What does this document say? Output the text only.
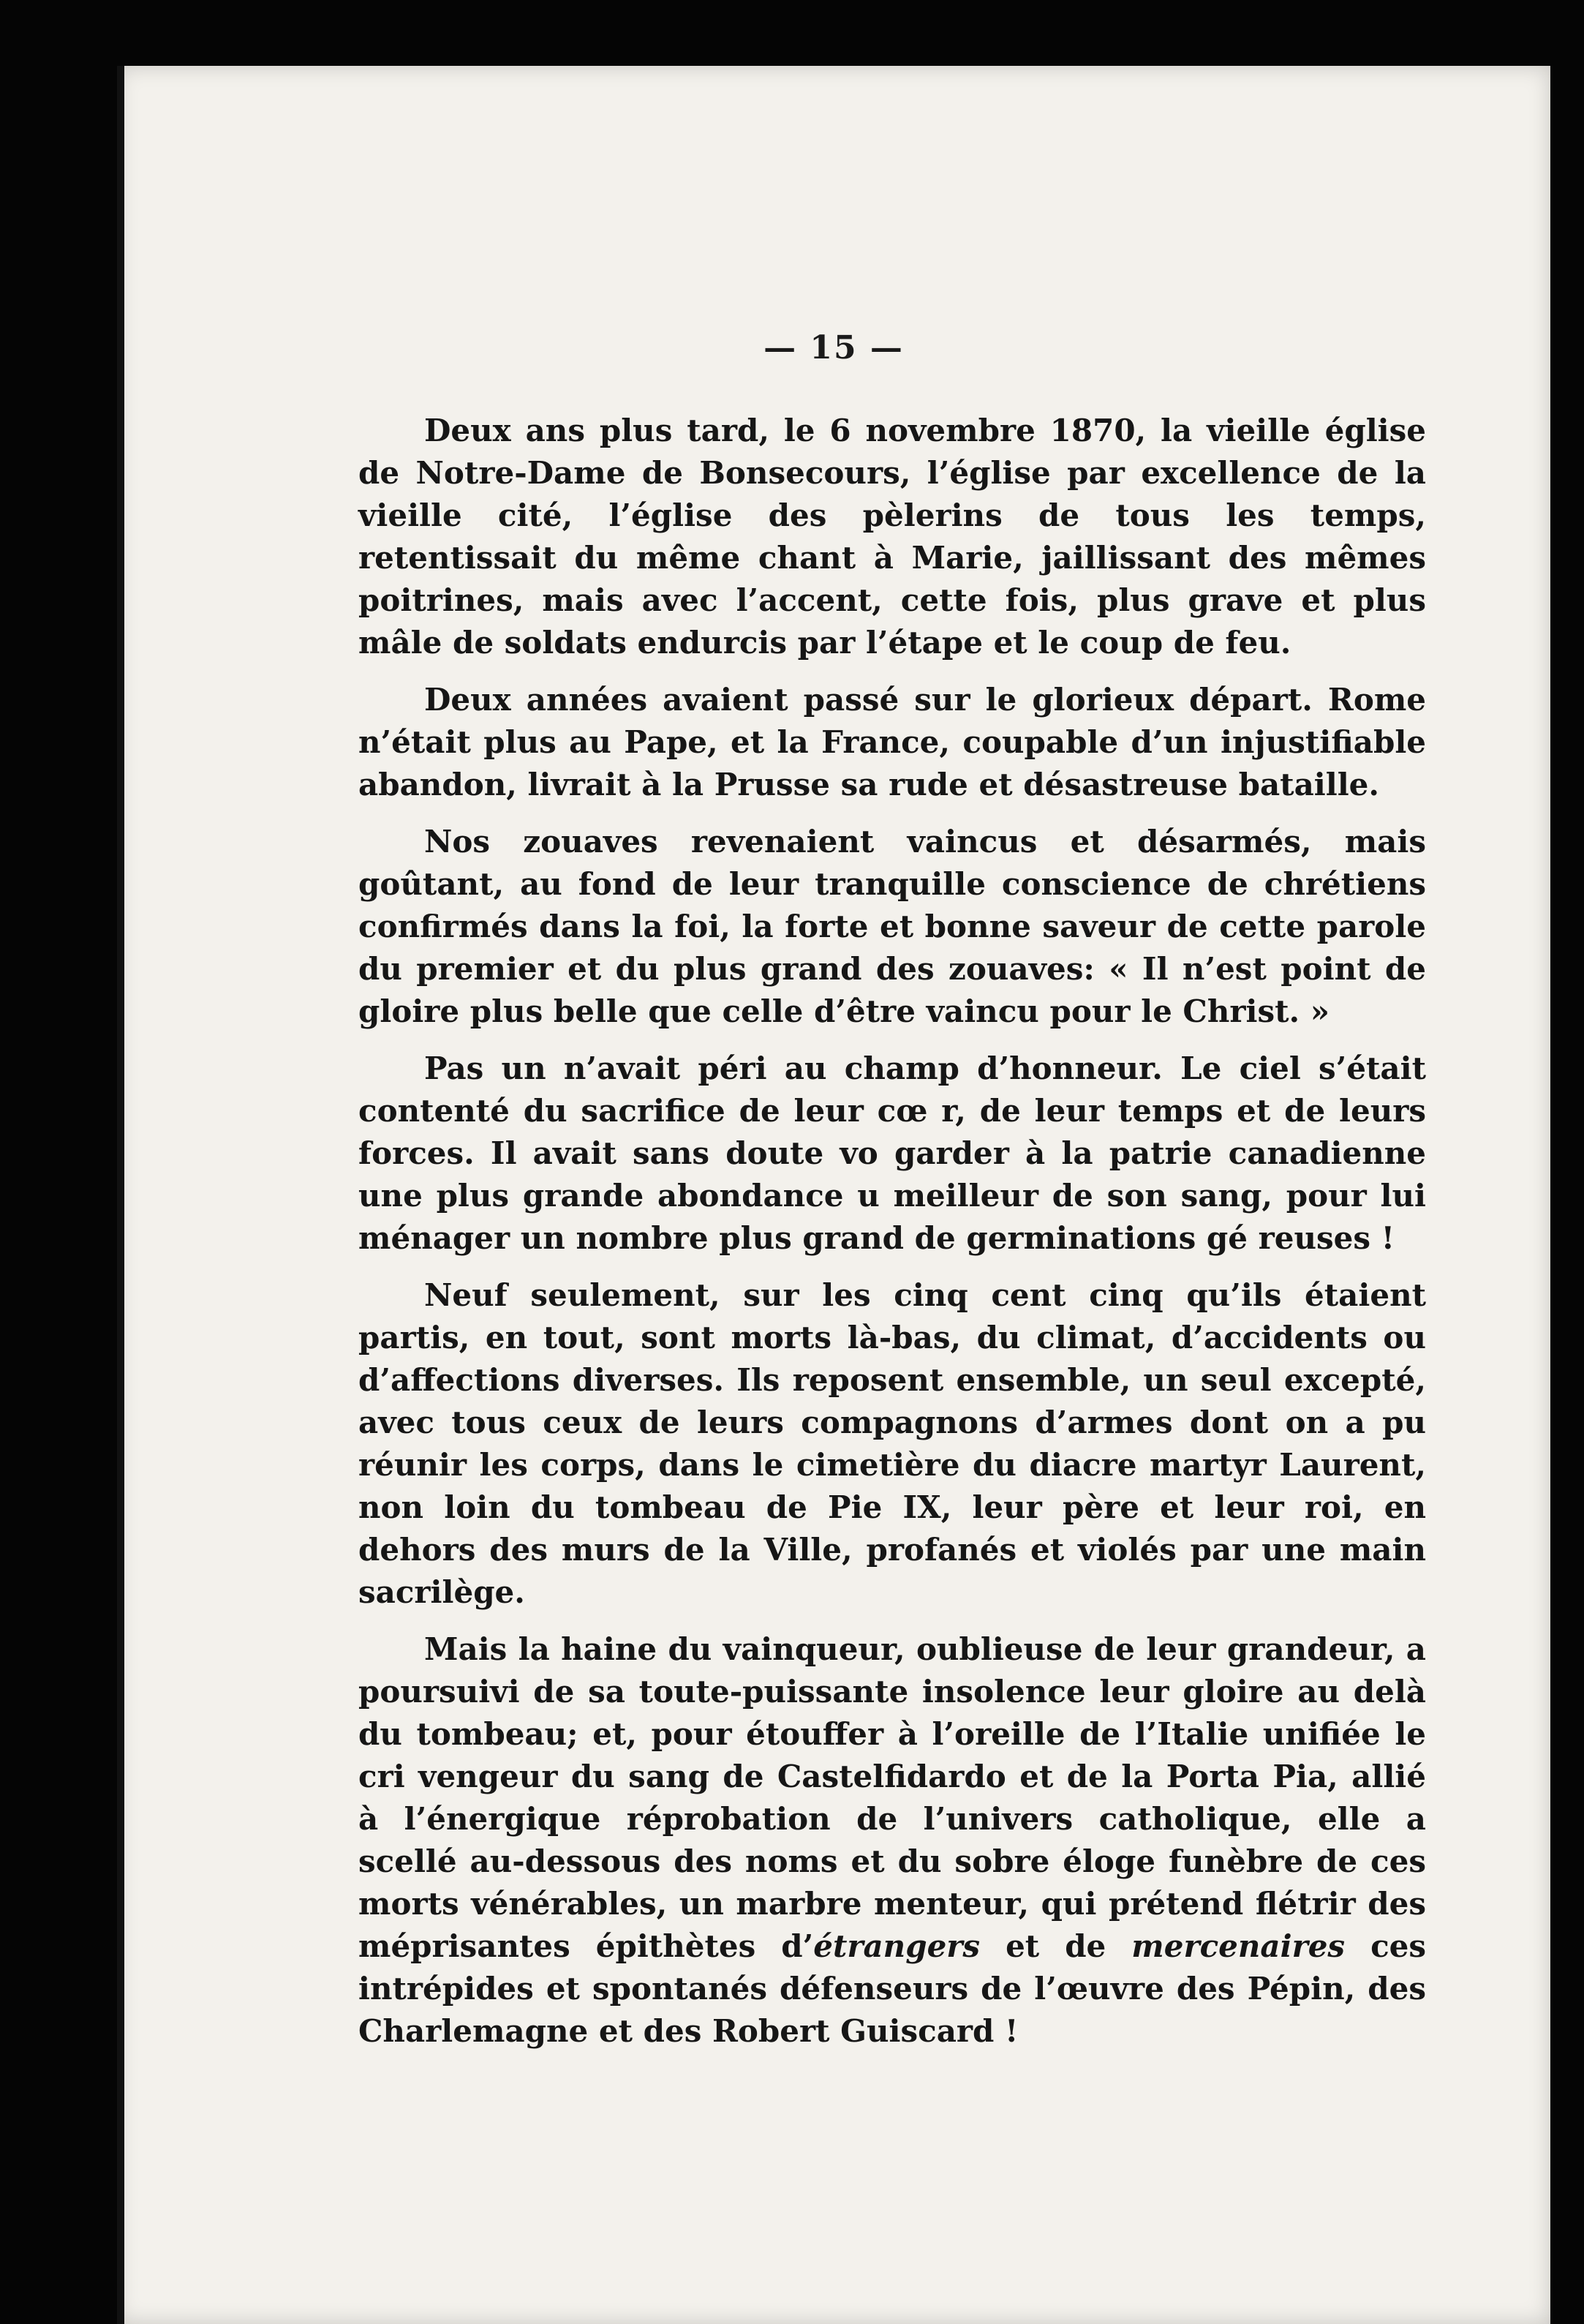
— 15 —

Deux ans plus tard, le 6 novembre 1870, la vieille église de Notre-Dame de Bonsecours, l’église par excellence de la vieille cité, l’église des pèlerins de tous les temps, retentissait du même chant à Marie, jaillissant des mêmes poitrines, mais avec l’accent, cette fois, plus grave et plus mâle de soldats endurcis par l’étape et le coup de feu.

Deux années avaient passé sur le glorieux départ. Rome n’était plus au Pape, et la France, coupable d’un injustifiable abandon, livrait à la Prusse sa rude et désastreuse bataille.

Nos zouaves revenaient vaincus et désarmés, mais goûtant, au fond de leur tranquille conscience de chrétiens confirmés dans la foi, la forte et bonne saveur de cette parole du premier et du plus grand des zouaves: « Il n’est point de gloire plus belle que celle d’être vaincu pour le Christ. »

Pas un n’avait péri au champ d’honneur. Le ciel s’était contenté du sacrifice de leur cœ r, de leur temps et de leurs forces. Il avait sans doute vo garder à la patrie canadienne une plus grande abondance u meilleur de son sang, pour lui ménager un nombre plus grand de germinations gé reuses !

Neuf seulement, sur les cinq cent cinq qu’ils étaient partis, en tout, sont morts là-bas, du climat, d’accidents ou d’affections diverses. Ils reposent ensemble, un seul excepté, avec tous ceux de leurs compagnons d’armes dont on a pu réunir les corps, dans le cimetière du diacre martyr Laurent, non loin du tombeau de Pie IX, leur père et leur roi, en dehors des murs de la Ville, profanés et violés par une main sacrilège.

Mais la haine du vainqueur, oublieuse de leur grandeur, a poursuivi de sa toute-puissante insolence leur gloire au delà du tombeau; et, pour étouffer à l’oreille de l’Italie unifiée le cri vengeur du sang de Castelfidardo et de la Porta Pia, allié à l’énergique réprobation de l’univers catholique, elle a scellé au-dessous des noms et du sobre éloge funèbre de ces morts vénérables, un marbre menteur, qui prétend flétrir des méprisantes épithètes d’étrangers et de mercenaires ces intrépides et spontanés défenseurs de l’œuvre des Pépin, des Charlemagne et des Robert Guiscard !
